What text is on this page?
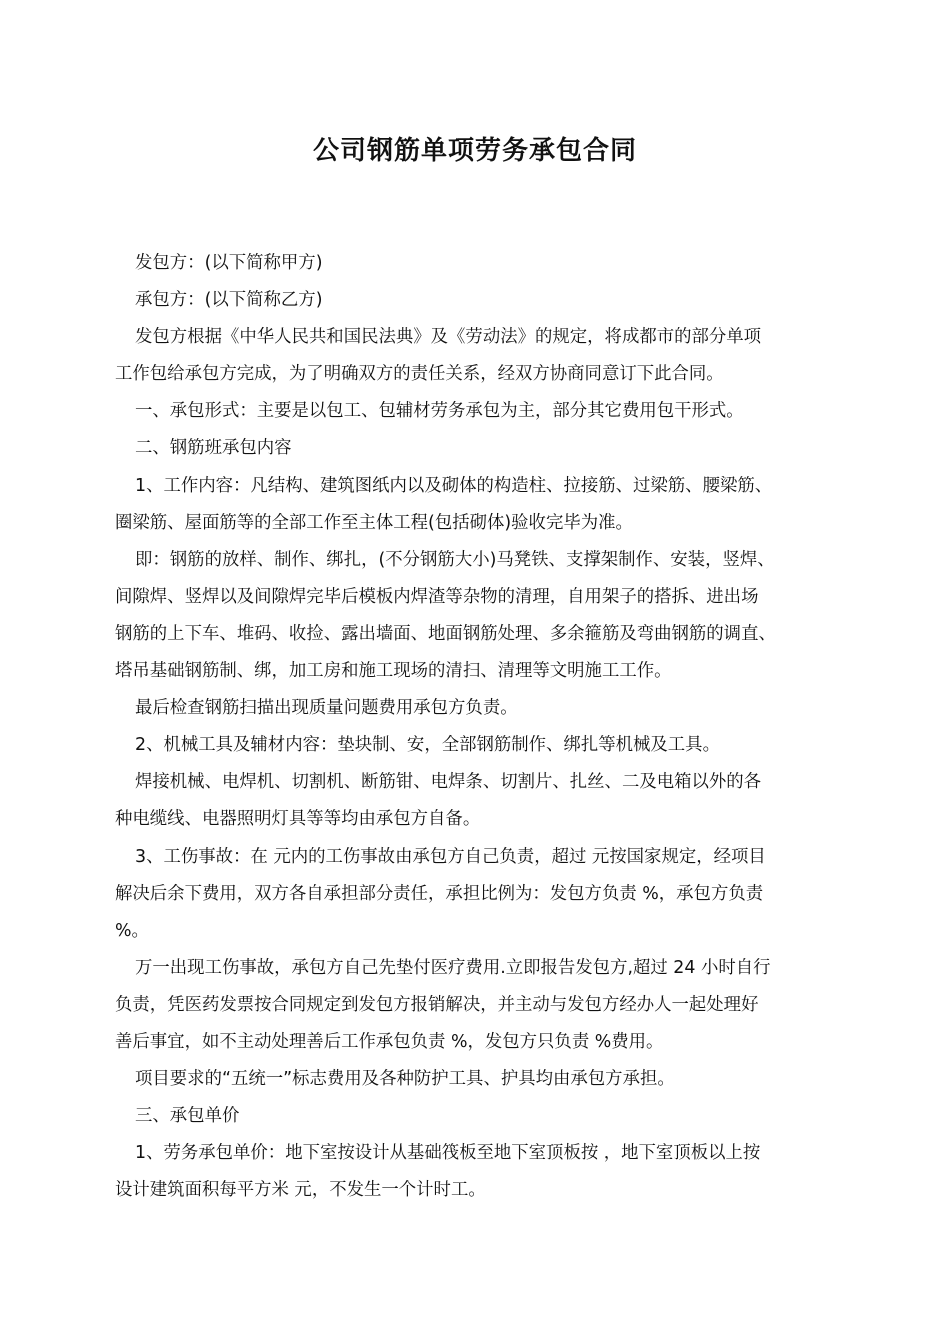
公司钢筋单项劳务承包合同
发包方：(以下简称甲方)
承包方：(以下简称乙方)
发包方根据《中华人民共和国民法典》及《劳动法》的规定，将成都市的部分单项
工作包给承包方完成，为了明确双方的责任关系，经双方协商同意订下此合同。
一、承包形式：主要是以包工、包辅材劳务承包为主，部分其它费用包干形式。
二、钢筋班承包内容
1、工作内容：凡结构、建筑图纸内以及砌体的构造柱、拉接筋、过梁筋、腰梁筋、
圈梁筋、屋面筋等的全部工作至主体工程(包括砌体)验收完毕为准。
即：钢筋的放样、制作、绑扎，(不分钢筋大小)马凳铁、支撑架制作、安装，竖焊、
间隙焊、竖焊以及间隙焊完毕后模板内焊渣等杂物的清理，自用架子的搭拆、进出场
钢筋的上下车、堆码、收捡、露出墙面、地面钢筋处理、多余箍筋及弯曲钢筋的调直、
塔吊基础钢筋制、绑，加工房和施工现场的清扫、清理等文明施工工作。
最后检查钢筋扫描出现质量问题费用承包方负责。
2、机械工具及辅材内容：垫块制、安，全部钢筋制作、绑扎等机械及工具。
焊接机械、电焊机、切割机、断筋钳、电焊条、切割片、扎丝、二及电箱以外的各
种电缆线、电器照明灯具等等均由承包方自备。
3、工伤事故：在 元内的工伤事故由承包方自己负责，超过 元按国家规定，经项目
解决后余下费用，双方各自承担部分责任，承担比例为：发包方负责 %，承包方负责
%。
万一出现工伤事故，承包方自己先垫付医疗费用.立即报告发包方,超过 24 小时自行
负责，凭医药发票按合同规定到发包方报销解决，并主动与发包方经办人一起处理好
善后事宜，如不主动处理善后工作承包负责 %，发包方只负责 %费用。
项目要求的“五统一”标志费用及各种防护工具、护具均由承包方承担。
三、承包单价
1、劳务承包单价：地下室按设计从基础筏板至地下室顶板按 ，地下室顶板以上按
设计建筑面积每平方米 元，不发生一个计时工。
